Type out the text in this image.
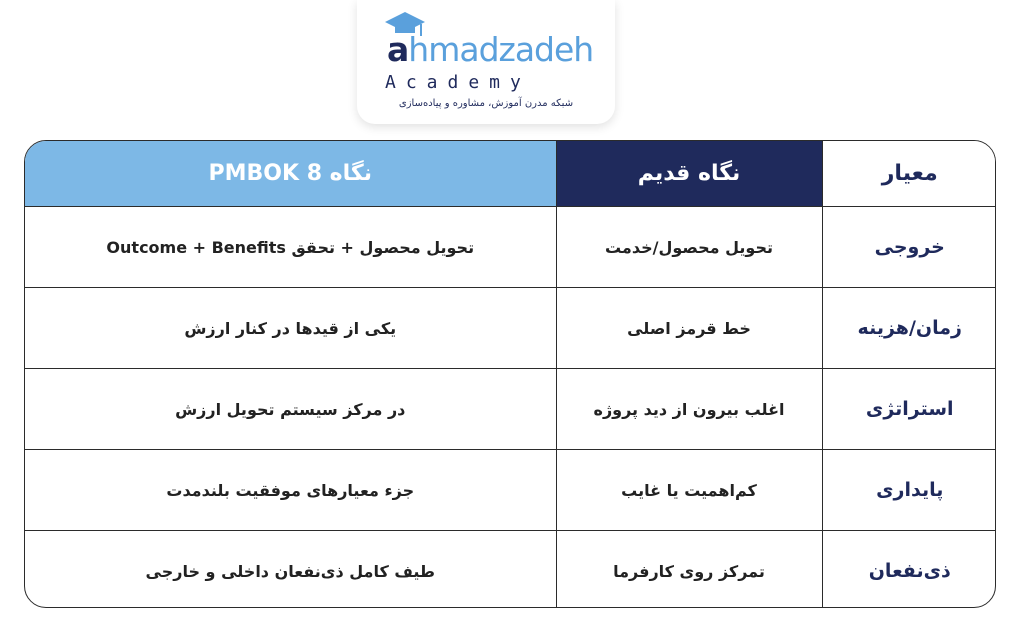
ahmadzadeh
Academy
شبکه مدرن آموزش، مشاوره و پیاده‌سازی
نگاه PMBOK 8	نگاه قدیم	معیار
تحویل محصول + تحقق Outcome + Benefits	تحویل محصول/خدمت	خروجی
یکی از قیدها در کنار ارزش	خط قرمز اصلی	زمان/هزینه
در مرکز سیستم تحویل ارزش	اغلب بیرون از دید پروژه	استراتژی
جزء معیارهای موفقیت بلندمدت	کم‌اهمیت یا غایب	پایداری
طیف کامل ذی‌نفعان داخلی و خارجی	تمرکز روی کارفرما	ذی‌نفعان
